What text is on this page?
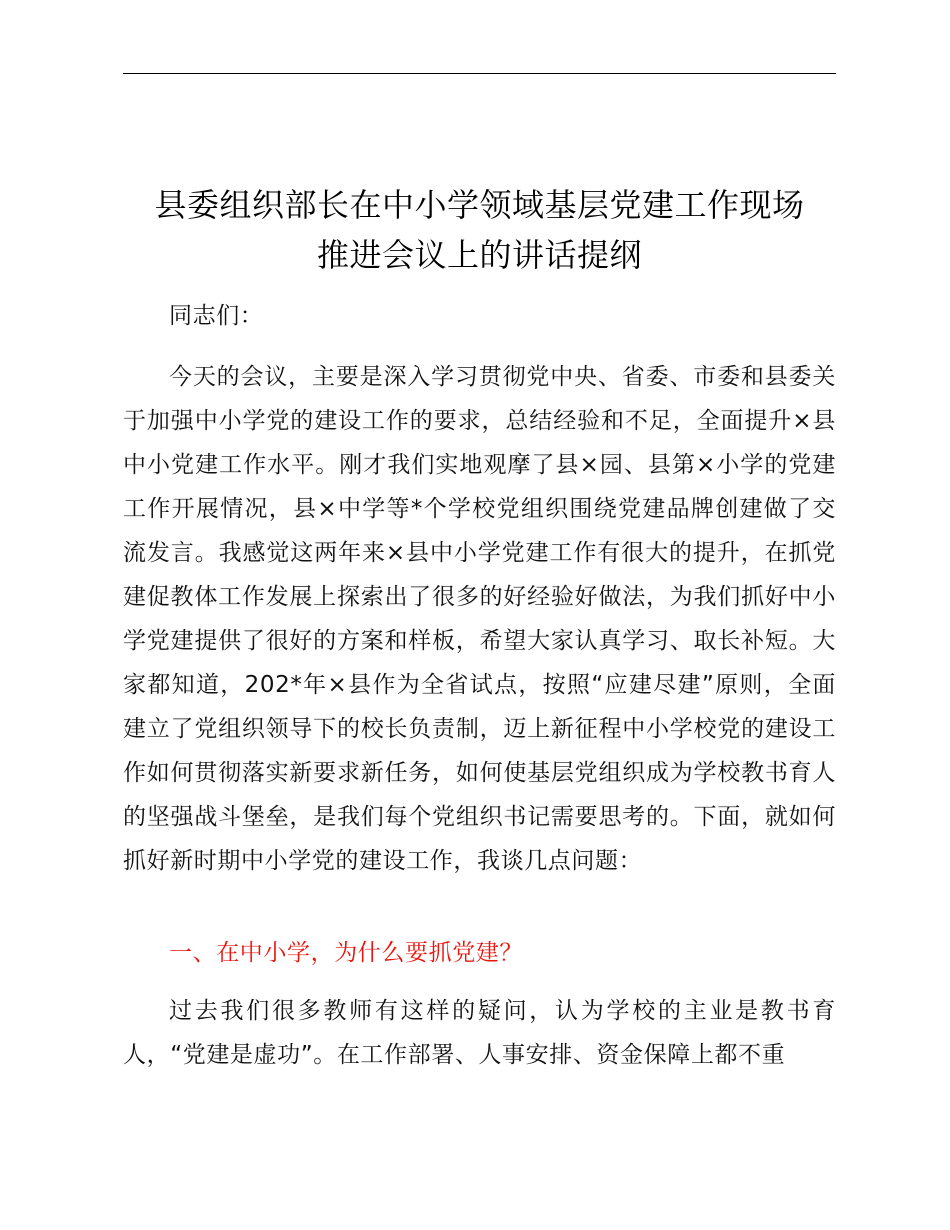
县委组织部长在中小学领域基层党建工作现场
推进会议上的讲话提纲

同志们：

今天的会议，主要是深入学习贯彻党中央、省委、市委和县委关于加强中小学党的建设工作的要求，总结经验和不足，全面提升×县中小党建工作水平。刚才我们实地观摩了县×园、县第×小学的党建工作开展情况，县×中学等*个学校党组织围绕党建品牌创建做了交流发言。我感觉这两年来×县中小学党建工作有很大的提升，在抓党建促教体工作发展上探索出了很多的好经验好做法，为我们抓好中小学党建提供了很好的方案和样板，希望大家认真学习、取长补短。大家都知道，202*年×县作为全省试点，按照“应建尽建”原则，全面建立了党组织领导下的校长负责制，迈上新征程中小学校党的建设工作如何贯彻落实新要求新任务，如何使基层党组织成为学校教书育人的坚强战斗堡垒，是我们每个党组织书记需要思考的。下面，就如何抓好新时期中小学党的建设工作，我谈几点问题：

一、在中小学，为什么要抓党建？

过去我们很多教师有这样的疑问，认为学校的主业是教书育人，“党建是虚功”。在工作部署、人事安排、资金保障上都不重
